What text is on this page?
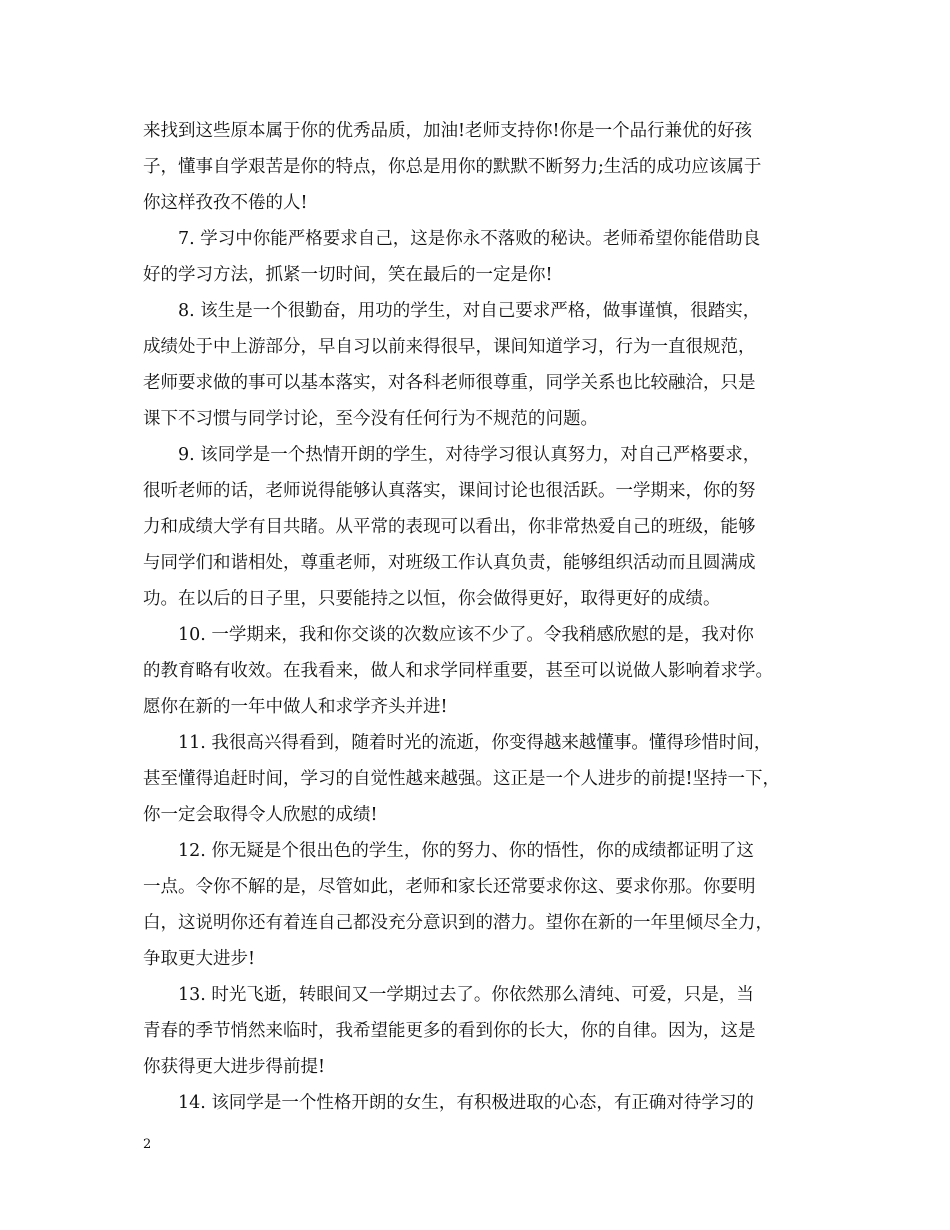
来找到这些原本属于你的优秀品质，加油!老师支持你!你是一个品行兼优的好孩
子，懂事自学艰苦是你的特点，你总是用你的默默不断努力;生活的成功应该属于
你这样孜孜不倦的人!
7. 学习中你能严格要求自己，这是你永不落败的秘诀。老师希望你能借助良
好的学习方法，抓紧一切时间，笑在最后的一定是你!
8. 该生是一个很勤奋，用功的学生，对自己要求严格，做事谨慎，很踏实，
成绩处于中上游部分，早自习以前来得很早，课间知道学习，行为一直很规范，
老师要求做的事可以基本落实，对各科老师很尊重，同学关系也比较融洽，只是
课下不习惯与同学讨论，至今没有任何行为不规范的问题。
9. 该同学是一个热情开朗的学生，对待学习很认真努力，对自己严格要求，
很听老师的话，老师说得能够认真落实，课间讨论也很活跃。一学期来，你的努
力和成绩大学有目共睹。从平常的表现可以看出，你非常热爱自己的班级，能够
与同学们和谐相处，尊重老师，对班级工作认真负责，能够组织活动而且圆满成
功。在以后的日子里，只要能持之以恒，你会做得更好，取得更好的成绩。
10. 一学期来，我和你交谈的次数应该不少了。令我稍感欣慰的是，我对你
的教育略有收效。在我看来，做人和求学同样重要，甚至可以说做人影响着求学。
愿你在新的一年中做人和求学齐头并进!
11. 我很高兴得看到，随着时光的流逝，你变得越来越懂事。懂得珍惜时间，
甚至懂得追赶时间，学习的自觉性越来越强。这正是一个人进步的前提!坚持一下，
你一定会取得令人欣慰的成绩!
12. 你无疑是个很出色的学生，你的努力、你的悟性，你的成绩都证明了这
一点。令你不解的是，尽管如此，老师和家长还常要求你这、要求你那。你要明
白，这说明你还有着连自己都没充分意识到的潜力。望你在新的一年里倾尽全力，
争取更大进步!
13. 时光飞逝，转眼间又一学期过去了。你依然那么清纯、可爱，只是，当
青春的季节悄然来临时，我希望能更多的看到你的长大，你的自律。因为，这是
你获得更大进步得前提!
14. 该同学是一个性格开朗的女生，有积极进取的心态，有正确对待学习的
2
